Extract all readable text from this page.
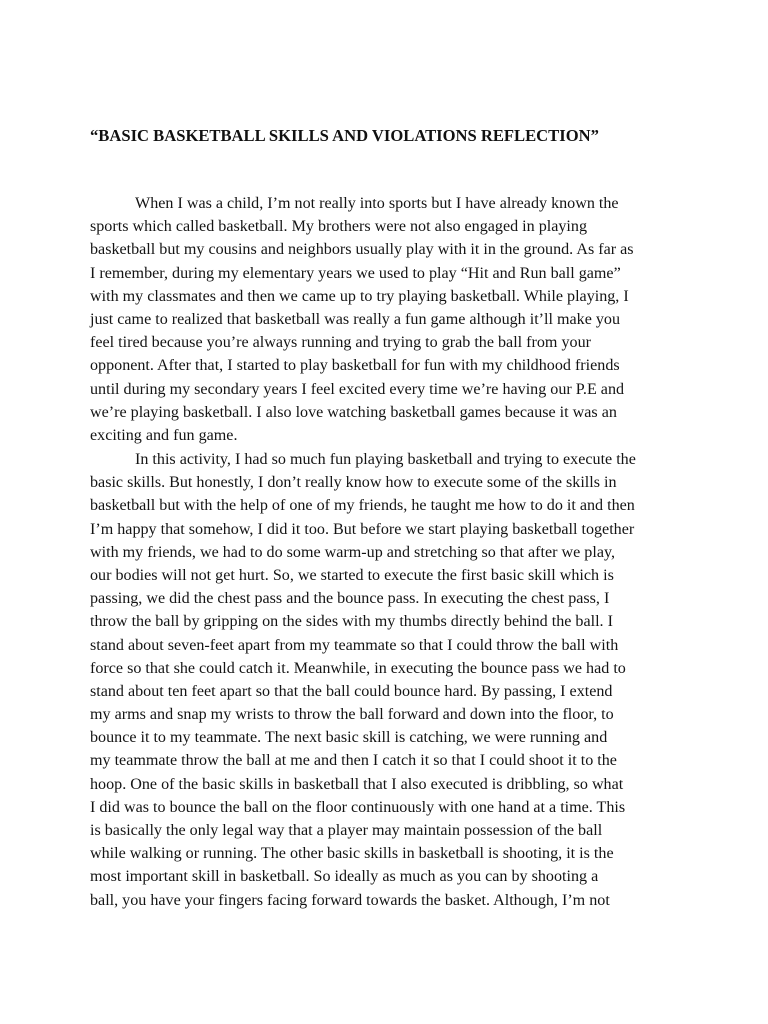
“BASIC BASKETBALL SKILLS AND VIOLATIONS REFLECTION”
When I was a child, I’m not really into sports but I have already known the
sports which called basketball. My brothers were not also engaged in playing
basketball but my cousins and neighbors usually play with it in the ground. As far as
I remember, during my elementary years we used to play “Hit and Run ball game”
with my classmates and then we came up to try playing basketball. While playing, I
just came to realized that basketball was really a fun game although it’ll make you
feel tired because you’re always running and trying to grab the ball from your
opponent. After that, I started to play basketball for fun with my childhood friends
until during my secondary years I feel excited every time we’re having our P.E and
we’re playing basketball. I also love watching basketball games because it was an
exciting and fun game.
In this activity, I had so much fun playing basketball and trying to execute the
basic skills. But honestly, I don’t really know how to execute some of the skills in
basketball but with the help of one of my friends, he taught me how to do it and then
I’m happy that somehow, I did it too. But before we start playing basketball together
with my friends, we had to do some warm-up and stretching so that after we play,
our bodies will not get hurt. So, we started to execute the first basic skill which is
passing, we did the chest pass and the bounce pass. In executing the chest pass, I
throw the ball by gripping on the sides with my thumbs directly behind the ball. I
stand about seven-feet apart from my teammate so that I could throw the ball with
force so that she could catch it. Meanwhile, in executing the bounce pass we had to
stand about ten feet apart so that the ball could bounce hard. By passing, I extend
my arms and snap my wrists to throw the ball forward and down into the floor, to
bounce it to my teammate. The next basic skill is catching, we were running and
my teammate throw the ball at me and then I catch it so that I could shoot it to the
hoop. One of the basic skills in basketball that I also executed is dribbling, so what
I did was to bounce the ball on the floor continuously with one hand at a time. This
is basically the only legal way that a player may maintain possession of the ball
while walking or running. The other basic skills in basketball is shooting, it is the
most important skill in basketball. So ideally as much as you can by shooting a
ball, you have your fingers facing forward towards the basket. Although, I’m not
